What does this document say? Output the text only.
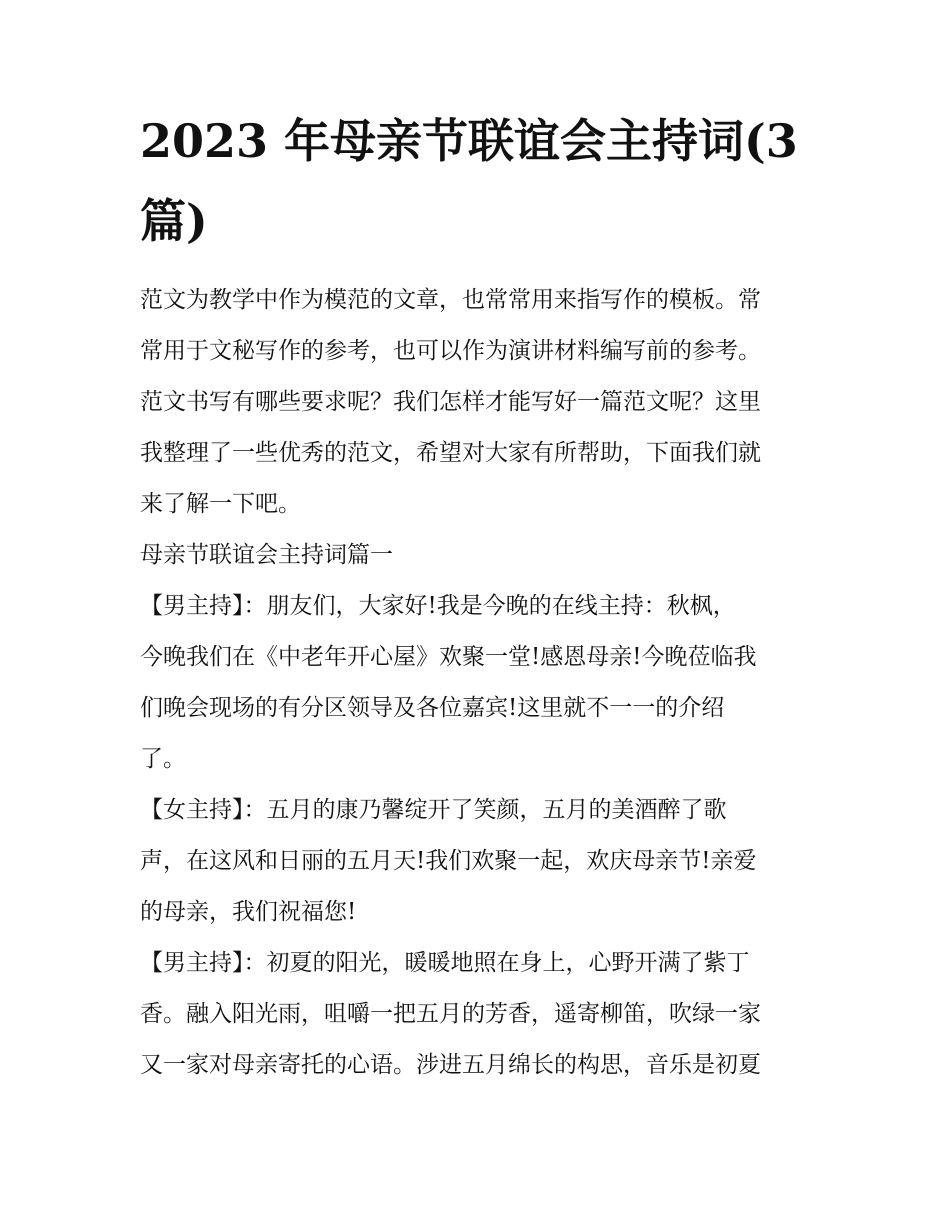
2023 年母亲节联谊会主持词(3
篇)

范文为教学中作为模范的文章，也常常用来指写作的模板。常

常用于文秘写作的参考，也可以作为演讲材料编写前的参考。

范文书写有哪些要求呢？我们怎样才能写好一篇范文呢？这里

我整理了一些优秀的范文，希望对大家有所帮助，下面我们就

来了解一下吧。

母亲节联谊会主持词篇一

【男主持】：朋友们，大家好!我是今晚的在线主持：秋枫，

今晚我们在《中老年开心屋》欢聚一堂!感恩母亲!今晚莅临我

们晚会现场的有分区领导及各位嘉宾!这里就不一一的介绍

了。

【女主持】：五月的康乃馨绽开了笑颜，五月的美酒醉了歌

声，在这风和日丽的五月天!我们欢聚一起，欢庆母亲节!亲爱

的母亲，我们祝福您!

【男主持】：初夏的阳光，暖暖地照在身上，心野开满了紫丁

香。融入阳光雨，咀嚼一把五月的芳香，遥寄柳笛，吹绿一家

又一家对母亲寄托的心语。涉进五月绵长的构思，音乐是初夏
